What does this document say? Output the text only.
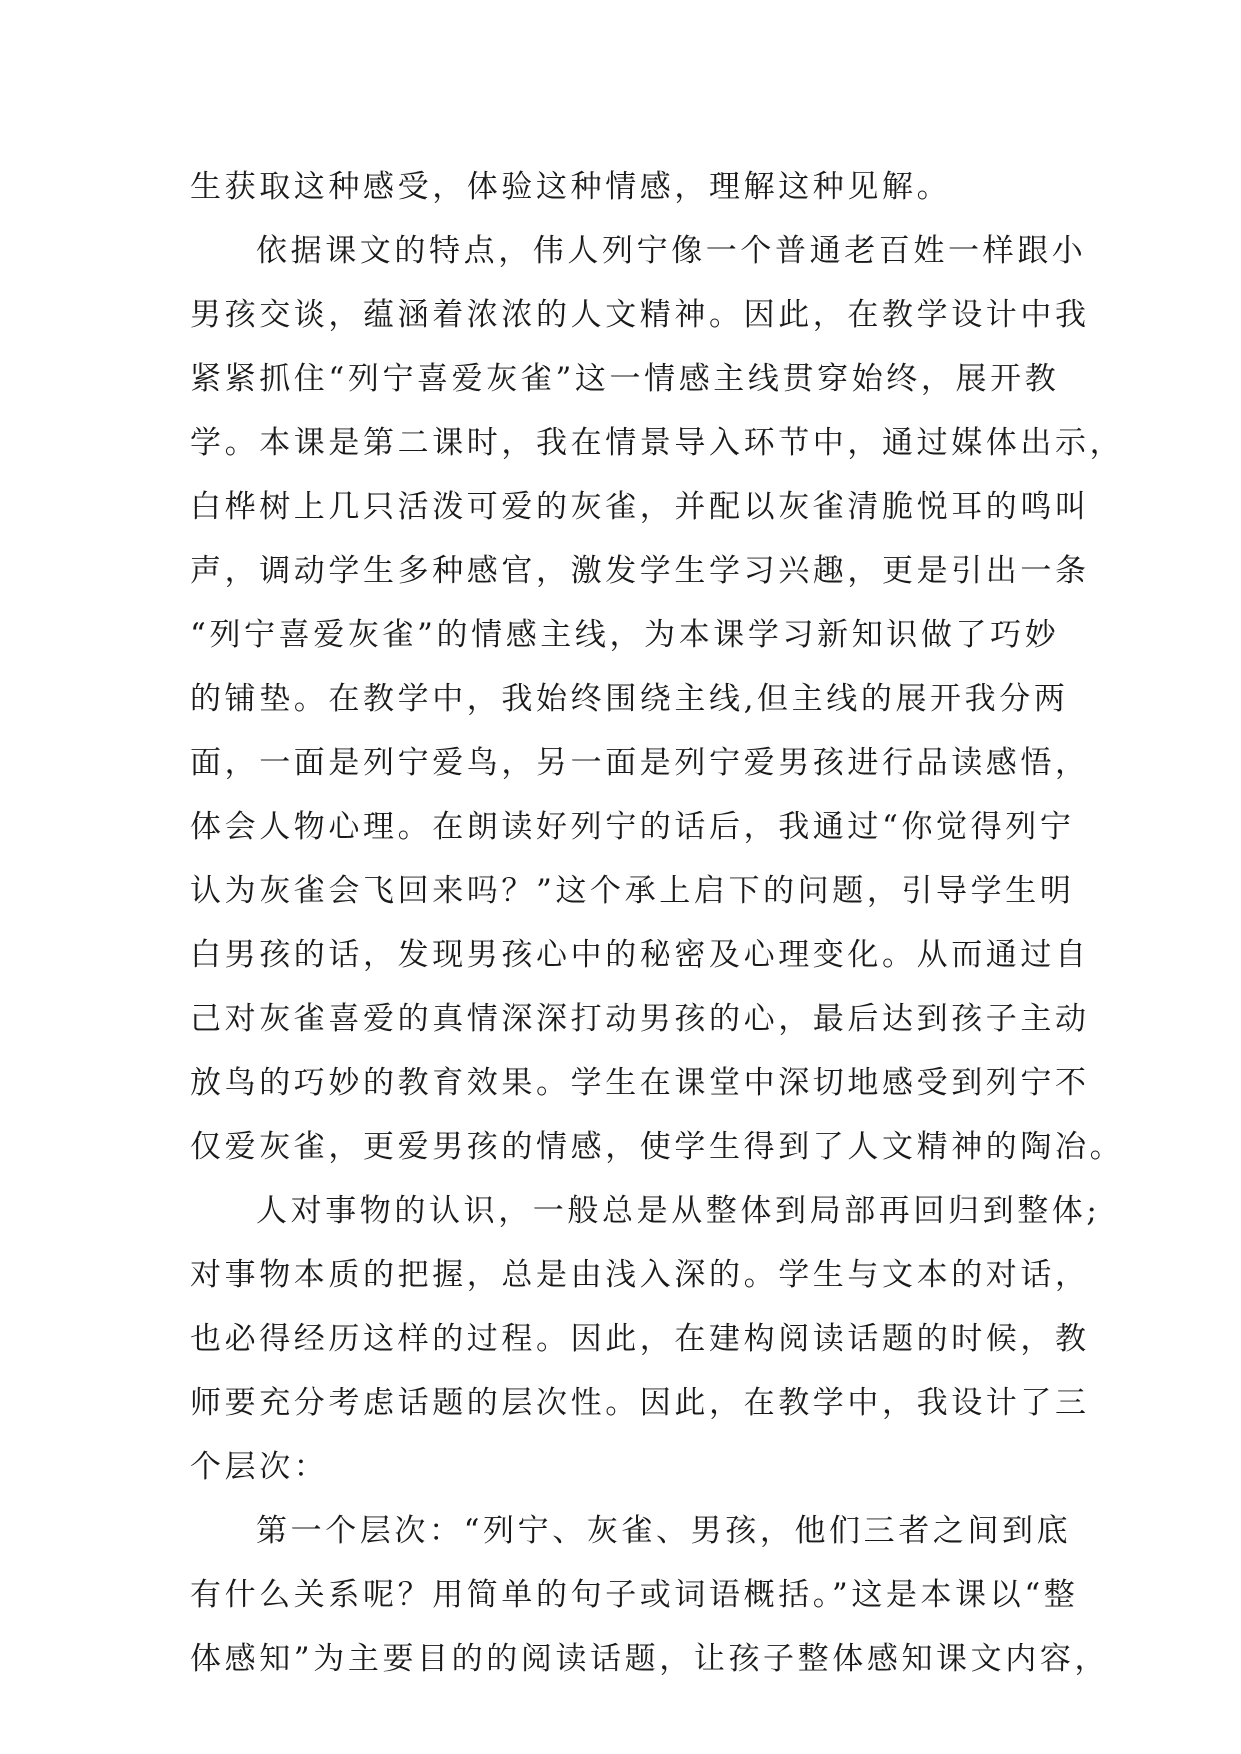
生获取这种感受，体验这种情感，理解这种见解。
依据课文的特点，伟人列宁像一个普通老百姓一样跟小
男孩交谈，蕴涵着浓浓的人文精神。因此，在教学设计中我
紧紧抓住“列宁喜爱灰雀”这一情感主线贯穿始终，展开教
学。本课是第二课时，我在情景导入环节中，通过媒体出示，
白桦树上几只活泼可爱的灰雀，并配以灰雀清脆悦耳的鸣叫
声，调动学生多种感官，激发学生学习兴趣，更是引出一条
“列宁喜爱灰雀”的情感主线，为本课学习新知识做了巧妙
的铺垫。在教学中，我始终围绕主线,但主线的展开我分两
面，一面是列宁爱鸟，另一面是列宁爱男孩进行品读感悟，
体会人物心理。在朗读好列宁的话后，我通过“你觉得列宁
认为灰雀会飞回来吗？”这个承上启下的问题，引导学生明
白男孩的话，发现男孩心中的秘密及心理变化。从而通过自
己对灰雀喜爱的真情深深打动男孩的心，最后达到孩子主动
放鸟的巧妙的教育效果。学生在课堂中深切地感受到列宁不
仅爱灰雀，更爱男孩的情感，使学生得到了人文精神的陶冶。
人对事物的认识，一般总是从整体到局部再回归到整体;
对事物本质的把握，总是由浅入深的。学生与文本的对话，
也必得经历这样的过程。因此，在建构阅读话题的时候，教
师要充分考虑话题的层次性。因此，在教学中，我设计了三
个层次：
第一个层次：“列宁、灰雀、男孩，他们三者之间到底
有什么关系呢？用简单的句子或词语概括。”这是本课以“整
体感知”为主要目的的阅读话题，让孩子整体感知课文内容，
